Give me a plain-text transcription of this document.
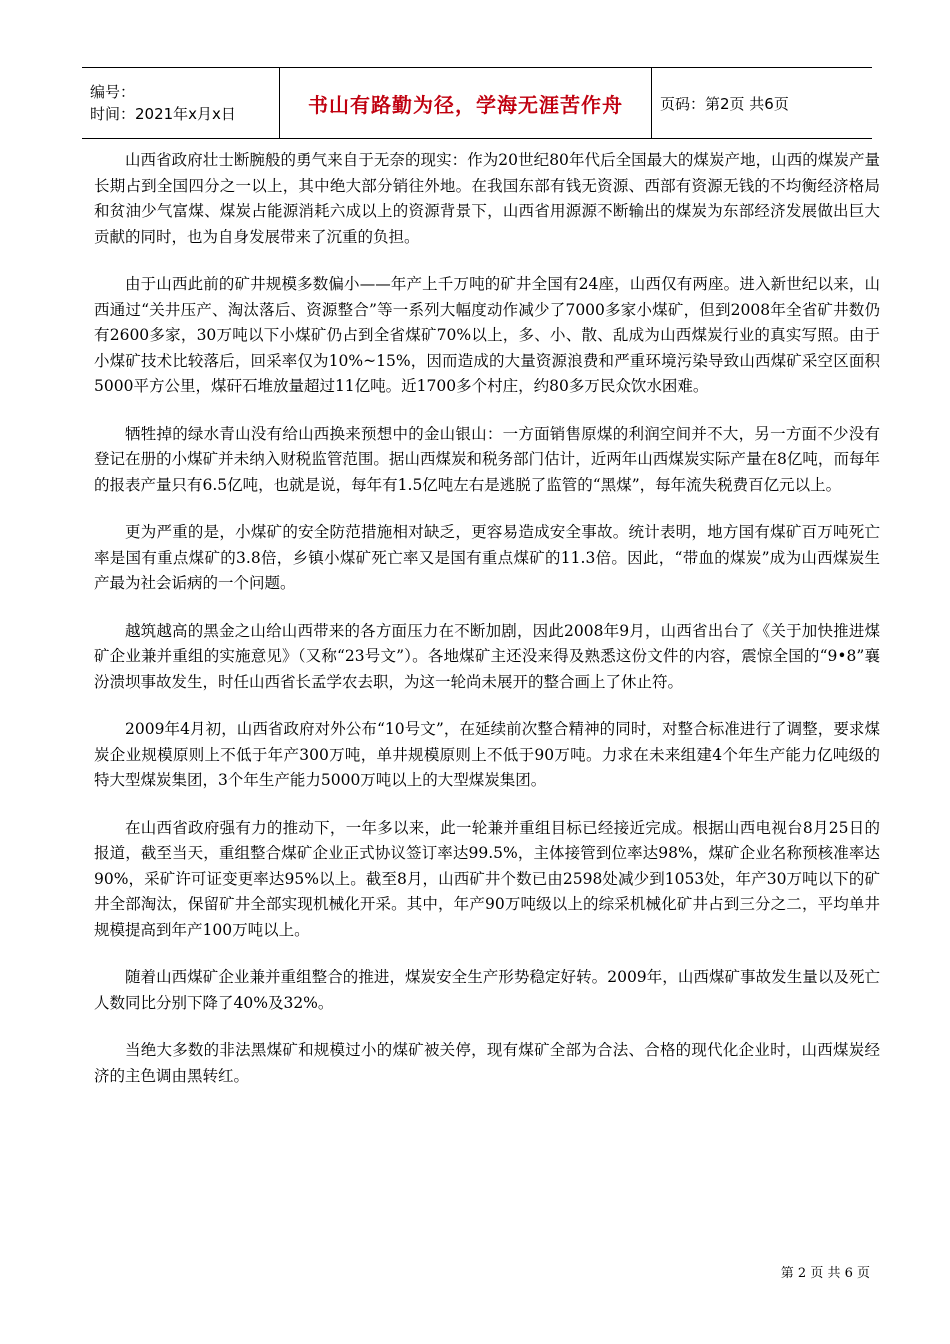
编号：
时间：2021年x月x日	书山有路勤为径，学海无涯苦作舟 页码：第2页 共6页

山西省政府壮士断腕般的勇气来自于无奈的现实：作为20世纪80年代后全国最大的煤炭产地，山西的煤炭产量长期占到全国四分之一以上，其中绝大部分销往外地。在我国东部有钱无资源、西部有资源无钱的不均衡经济格局和贫油少气富煤、煤炭占能源消耗六成以上的资源背景下，山西省用源源不断输出的煤炭为东部经济发展做出巨大贡献的同时，也为自身发展带来了沉重的负担。

由于山西此前的矿井规模多数偏小——年产上千万吨的矿井全国有24座，山西仅有两座。进入新世纪以来，山西通过“关井压产、淘汰落后、资源整合”等一系列大幅度动作减少了7000多家小煤矿，但到2008年全省矿井数仍有2600多家，30万吨以下小煤矿仍占到全省煤矿70%以上，多、小、散、乱成为山西煤炭行业的真实写照。由于小煤矿技术比较落后，回采率仅为10%~15%，因而造成的大量资源浪费和严重环境污染导致山西煤矿采空区面积5000平方公里，煤矸石堆放量超过11亿吨。近1700多个村庄，约80多万民众饮水困难。

牺牲掉的绿水青山没有给山西换来预想中的金山银山：一方面销售原煤的利润空间并不大，另一方面不少没有登记在册的小煤矿并未纳入财税监管范围。据山西煤炭和税务部门估计，近两年山西煤炭实际产量在8亿吨，而每年的报表产量只有6.5亿吨，也就是说，每年有1.5亿吨左右是逃脱了监管的“黑煤”，每年流失税费百亿元以上。

更为严重的是，小煤矿的安全防范措施相对缺乏，更容易造成安全事故。统计表明，地方国有煤矿百万吨死亡率是国有重点煤矿的3.8倍，乡镇小煤矿死亡率又是国有重点煤矿的11.3倍。因此，“带血的煤炭”成为山西煤炭生产最为社会诟病的一个问题。

越筑越高的黑金之山给山西带来的各方面压力在不断加剧，因此2008年9月，山西省出台了《关于加快推进煤矿企业兼并重组的实施意见》（又称“23号文”）。各地煤矿主还没来得及熟悉这份文件的内容，震惊全国的“9•8”襄汾溃坝事故发生，时任山西省长孟学农去职，为这一轮尚未展开的整合画上了休止符。

2009年4月初，山西省政府对外公布“10号文”，在延续前次整合精神的同时，对整合标准进行了调整，要求煤炭企业规模原则上不低于年产300万吨，单井规模原则上不低于90万吨。力求在未来组建4个年生产能力亿吨级的特大型煤炭集团，3个年生产能力5000万吨以上的大型煤炭集团。

在山西省政府强有力的推动下，一年多以来，此一轮兼并重组目标已经接近完成。根据山西电视台8月25日的报道，截至当天，重组整合煤矿企业正式协议签订率达99.5%，主体接管到位率达98%，煤矿企业名称预核准率达90%，采矿许可证变更率达95%以上。截至8月，山西矿井个数已由2598处减少到1053处，年产30万吨以下的矿井全部淘汰，保留矿井全部实现机械化开采。其中，年产90万吨级以上的综采机械化矿井占到三分之二，平均单井规模提高到年产100万吨以上。

随着山西煤矿企业兼并重组整合的推进，煤炭安全生产形势稳定好转。2009年，山西煤矿事故发生量以及死亡人数同比分别下降了40%及32%。

当绝大多数的非法黑煤矿和规模过小的煤矿被关停，现有煤矿全部为合法、合格的现代化企业时，山西煤炭经济的主色调由黑转红。

第 2 页 共 6 页
